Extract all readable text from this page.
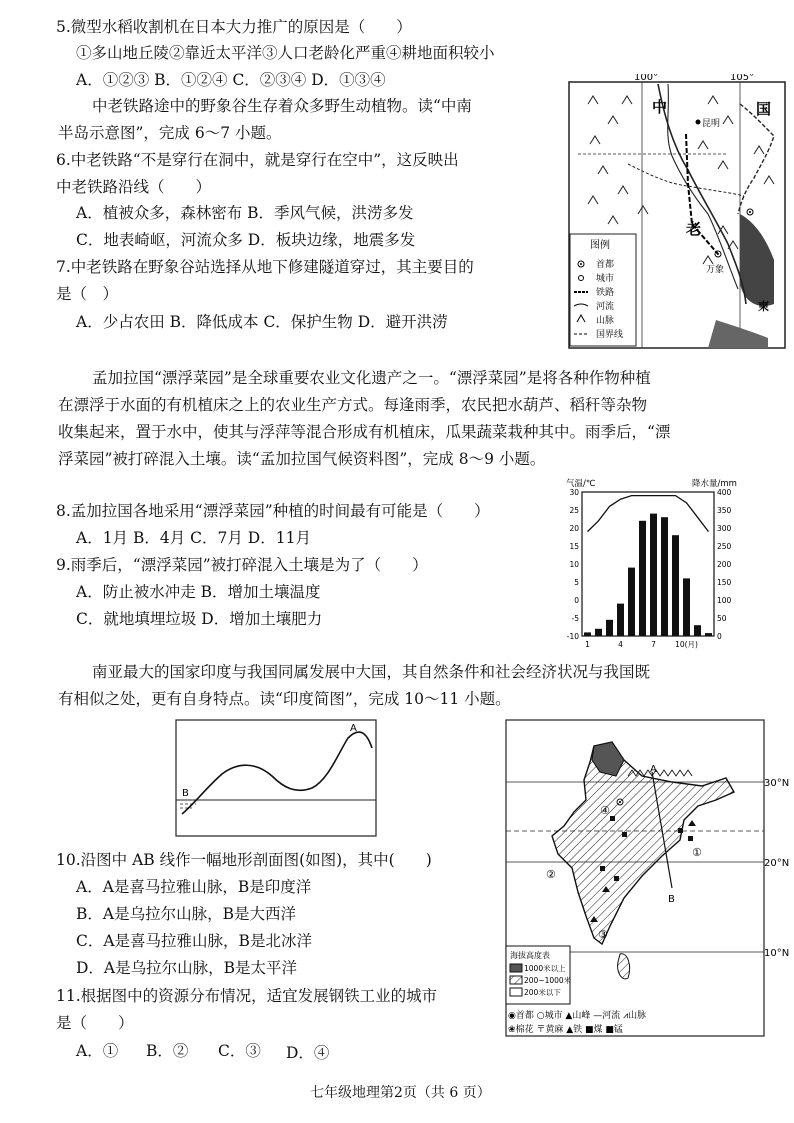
5.微型水稻收割机在日本大力推广的原因是（　　）
①多山地丘陵②靠近太平洋③人口老龄化严重④耕地面积较小
A．①②③ B．①②④ C．②③④ D．①③④
中老铁路途中的野象谷生存着众多野生动植物。读“中南
半岛示意图”，完成 6～7 小题。
6.中老铁路“不是穿行在洞中，就是穿行在空中”，这反映出
中老铁路沿线（　　）
A．植被众多，森林密布 B．季风气候，洪涝多发
C．地表崎岖，河流众多 D．板块边缘，地震多发
7.中老铁路在野象谷站选择从地下修建隧道穿过，其主要目的
是（　）
A．少占农田 B．降低成本 C．保护生物 D．避开洪涝
100°	105°
中	国
老
昆明
万象
柬
图例
首都
城市
铁路
河流
山脉
国界线
孟加拉国“漂浮菜园”是全球重要农业文化遗产之一。“漂浮菜园”是将各种作物种植
在漂浮于水面的有机植床之上的农业生产方式。每逢雨季，农民把水葫芦、稻秆等杂物
收集起来，置于水中，使其与浮萍等混合形成有机植床，瓜果蔬菜栽种其中。雨季后，“漂
浮菜园”被打碎混入土壤。读“孟加拉国气候资料图”，完成 8～9 小题。
8.孟加拉国各地采用“漂浮菜园”种植的时间最有可能是（　　）
A．1月 B．4月 C．7月 D．11月
9.雨季后，“漂浮菜园”被打碎混入土壤是为了（　　）
A．防止被水冲走 B．增加土壤温度
C．就地填埋垃圾 D．增加土壤肥力
气温/℃	降水量/mm
30
25
20
15
10
5
0
-5
-10
400
350
300
250
200
150
100
50
0
1	4	7	10(月)
南亚最大的国家印度与我国同属发展中大国，其自然条件和社会经济状况与我国既
有相似之处，更有自身特点。读“印度简图”，完成 10～11 小题。
A
B
10.沿图中 AB 线作一幅地形剖面图(如图)，其中(　　)
A．A是喜马拉雅山脉，B是印度洋
B．A是乌拉尔山脉，B是大西洋
C．A是喜马拉雅山脉，B是北冰洋
D．A是乌拉尔山脉，B是太平洋
11.根据图中的资源分布情况，适宜发展钢铁工业的城市
是（　　）
A．① B．② C．③ D．④
30°N
20°N
10°N
A
B
④
①
②
③
海拔高度表
1000米以上
200~1000米
200米以下
◉首都 ○城市 ▲山峰 —河流 ⩘山脉
❀棉花 〒黄麻 ▲铁 ■煤 ■锰
七年级地理第2页（共 6 页）
